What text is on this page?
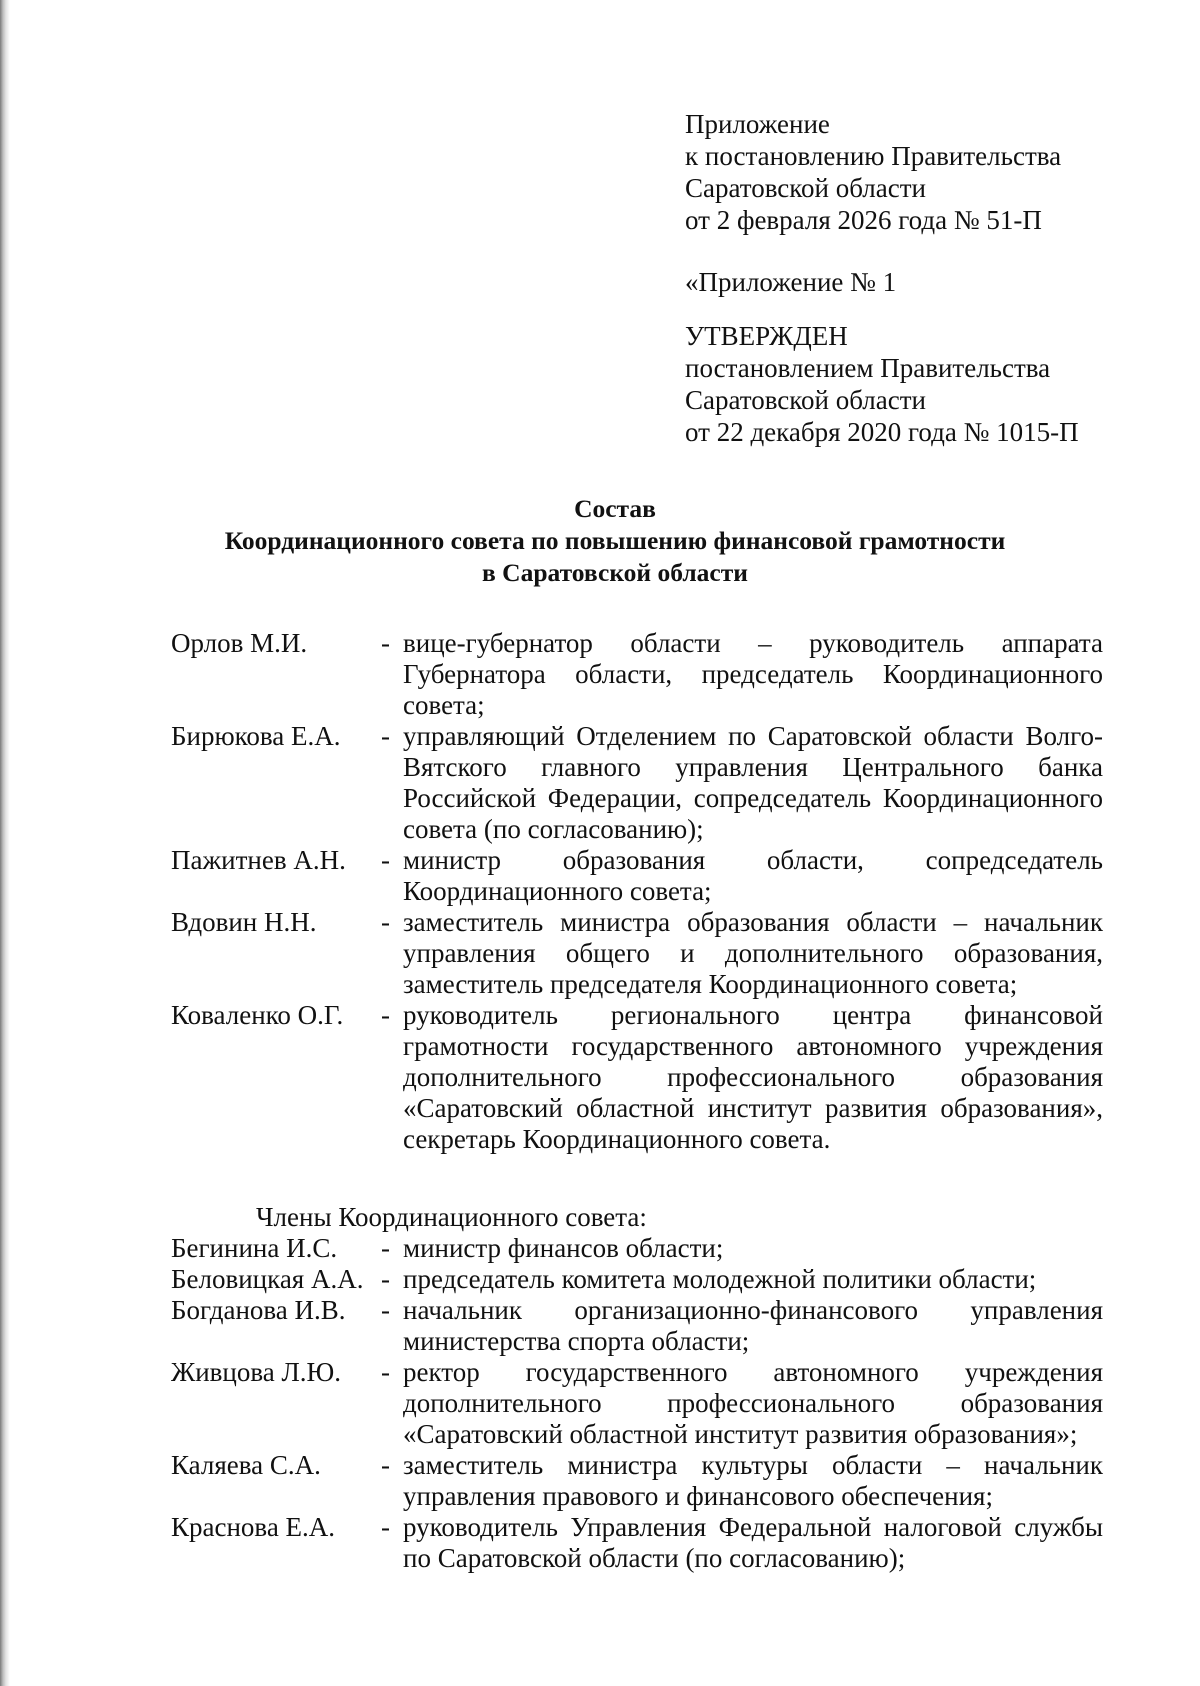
Приложение
к постановлению Правительства
Саратовской области
от 2 февраля 2026 года № 51-П
«Приложение № 1
УТВЕРЖДЕН
постановлением Правительства
Саратовской области
от 22 декабря 2020 года № 1015-П
Состав
Координационного совета по повышению финансовой грамотности
в Саратовской области
Орлов М.И.	- вице-губернатор области – руководитель аппарата Губернатора области, председатель Координационного совета;
Бирюкова Е.А.	- управляющий Отделением по Саратовской области Волго-Вятского главного управления Центрального банка Российской Федерации, сопредседатель Координационного совета (по согласованию);
Пажитнев А.Н.	- министр образования области, сопредседатель Координационного совета;
Вдовин Н.Н.	- заместитель министра образования области – начальник управления общего и дополнительного образования, заместитель председателя Координационного совета;
Коваленко О.Г.	- руководитель регионального центра финансовой грамотности государственного автономного учреждения дополнительного профессионального образования «Саратовский областной институт развития образования», секретарь Координационного совета.
Члены Координационного совета:
Бегинина И.С.	- министр финансов области;
Беловицкая А.А. - председатель комитета молодежной политики области;
Богданова И.В.	- начальник организационно-финансового управления министерства спорта области;
Живцова Л.Ю.	- ректор государственного автономного учреждения дополнительного профессионального образования «Саратовский областной институт развития образования»;
Каляева С.А.	- заместитель министра культуры области – начальник управления правового и финансового обеспечения;
Краснова Е.А.	- руководитель Управления Федеральной налоговой службы по Саратовской области (по согласованию);
